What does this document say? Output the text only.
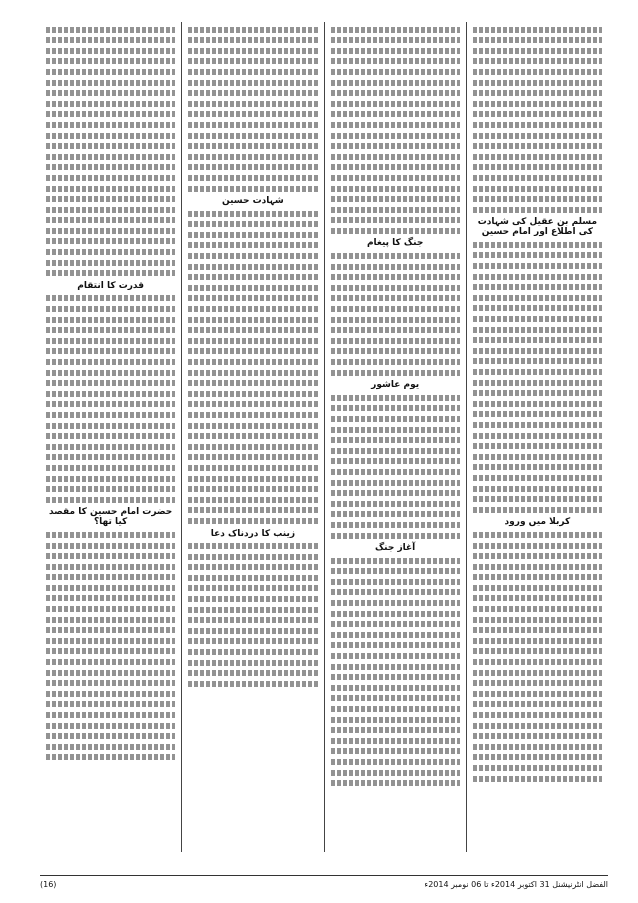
مسلم بن عقیل کی شہادت کی اطلاع اور امام حسین
کربلا میں ورود
جنگ کا پیغام
یوم عاشور
آغاز جنگ
شہادت حسین
زینب کا دردناک دعا
قدرت کا انتقام
حضرت امام حسین کا مقصد کیا تھا؟
(16)	الفضل انٹرنیشنل 31 اکتوبر 2014ء تا 06 نومبر 2014ء
